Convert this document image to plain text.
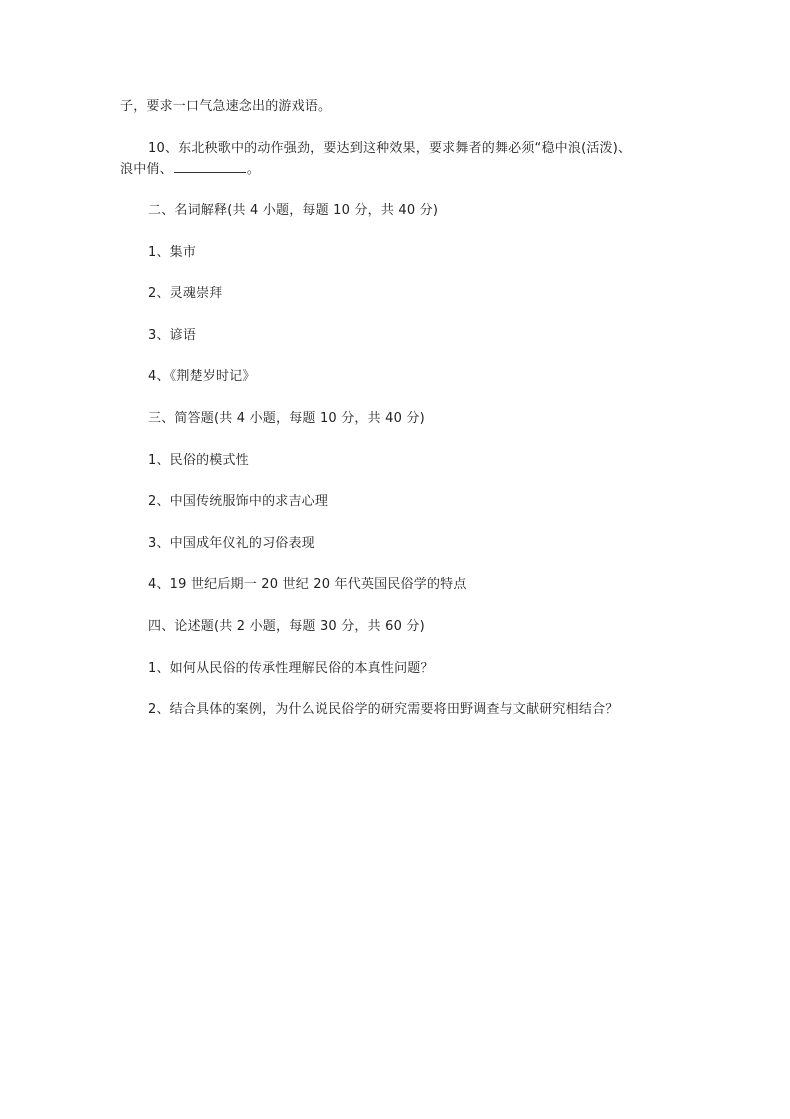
子，要求一口气急速念出的游戏语。
10、东北秧歌中的动作强劲，要达到这种效果，要求舞者的舞必须“稳中浪(活泼)、
浪中俏、	。
二、名词解释(共 4 小题，每题 10 分，共 40 分)
1、集市
2、灵魂崇拜
3、谚语
4、《荆楚岁时记》
三、简答题(共 4 小题，每题 10 分，共 40 分)
1、民俗的模式性
2、中国传统服饰中的求吉心理
3、中国成年仪礼的习俗表现
4、19 世纪后期一 20 世纪 20 年代英国民俗学的特点
四、论述题(共 2 小题，每题 30 分，共 60 分)
1、如何从民俗的传承性理解民俗的本真性问题？
2、结合具体的案例，为什么说民俗学的研究需要将田野调查与文献研究相结合？
